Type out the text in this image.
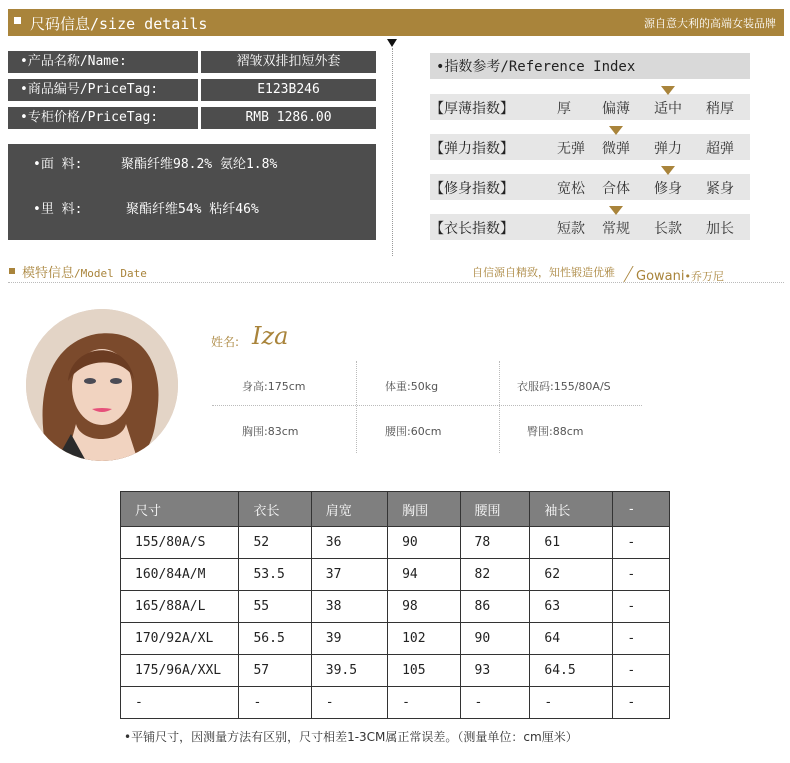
尺码信息/size details	源自意大利的高端女装品牌
•产品名称/Name:	褶皱双排扣短外套
•商品编号/PriceTag:	E123B246
•专柜价格/PriceTag:	RMB 1286.00
•面 料:	聚酯纤维98.2% 氨纶1.8%
•里 料:	聚酯纤维54% 粘纤46%
•指数参考/Reference Index
【厚薄指数】	厚 偏薄 适中 稍厚
【弹力指数】	无弹 微弹 弹力 超弹
【修身指数】	宽松 合体 修身 紧身
【衣长指数】	短款 常规 长款 加长
模特信息/Model Date	自信源自精致，知性锻造优雅 Gowani•乔万尼
姓名: Iza
身高:175cm	体重:50kg	衣服码:155/80A/S
胸围:83cm	腰围:60cm	臀围:88cm
尺寸	衣长	肩宽	胸围	腰围	袖长	-
155/80A/S	52	36	90	78	61	-
160/84A/M	53.5	37	94	82	62	-
165/88A/L	55	38	98	86	63	-
170/92A/XL	56.5	39	102	90	64	-
175/96A/XXL	57	39.5	105	93	64.5	-
-	-	-	-	-	-	-
•平铺尺寸，因测量方法有区别，尺寸相差1-3CM属正常误差。（测量单位：cm厘米）
